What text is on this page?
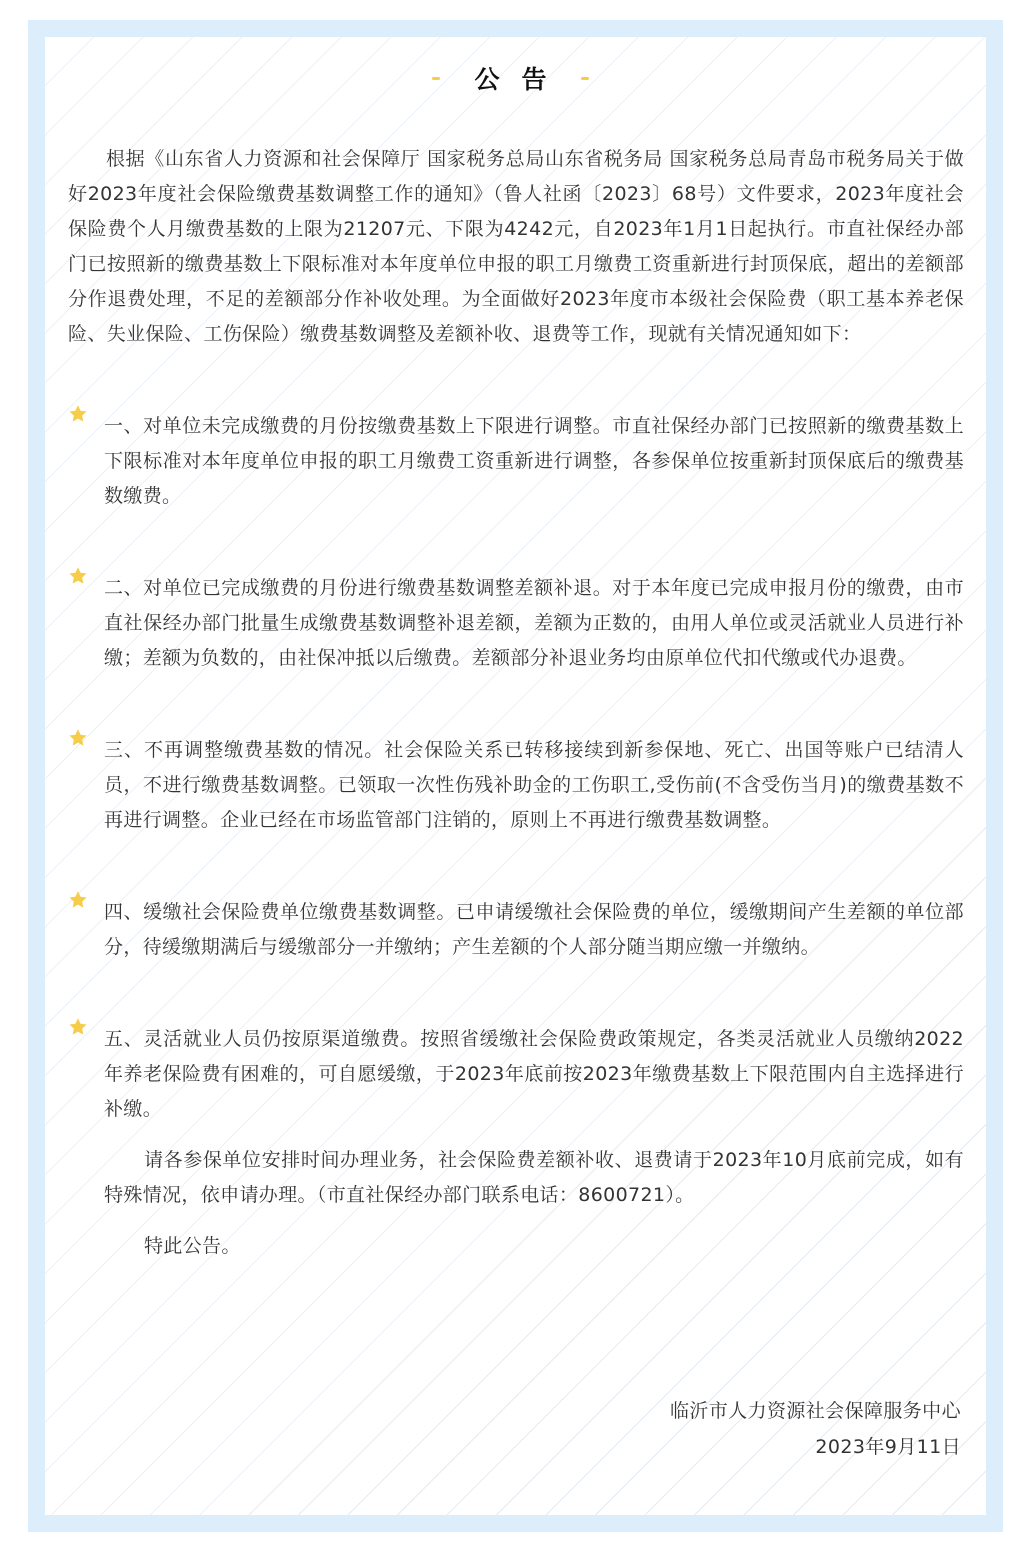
公告

根据《山东省人力资源和社会保障厅 国家税务总局山东省税务局 国家税务总局青岛市税务局关于做好2023年度社会保险缴费基数调整工作的通知》（鲁人社函〔2023〕68号）文件要求，2023年度社会保险费个人月缴费基数的上限为21207元、下限为4242元，自2023年1月1日起执行。市直社保经办部门已按照新的缴费基数上下限标准对本年度单位申报的职工月缴费工资重新进行封顶保底，超出的差额部分作退费处理，不足的差额部分作补收处理。为全面做好2023年度市本级社会保险费（职工基本养老保险、失业保险、工伤保险）缴费基数调整及差额补收、退费等工作，现就有关情况通知如下：

一、对单位未完成缴费的月份按缴费基数上下限进行调整。市直社保经办部门已按照新的缴费基数上下限标准对本年度单位申报的职工月缴费工资重新进行调整，各参保单位按重新封顶保底后的缴费基数缴费。

二、对单位已完成缴费的月份进行缴费基数调整差额补退。对于本年度已完成申报月份的缴费，由市直社保经办部门批量生成缴费基数调整补退差额，差额为正数的，由用人单位或灵活就业人员进行补缴；差额为负数的，由社保冲抵以后缴费。差额部分补退业务均由原单位代扣代缴或代办退费。

三、不再调整缴费基数的情况。社会保险关系已转移接续到新参保地、死亡、出国等账户已结清人员，不进行缴费基数调整。已领取一次性伤残补助金的工伤职工,受伤前(不含受伤当月)的缴费基数不再进行调整。企业已经在市场监管部门注销的，原则上不再进行缴费基数调整。

四、缓缴社会保险费单位缴费基数调整。已申请缓缴社会保险费的单位，缓缴期间产生差额的单位部分，待缓缴期满后与缓缴部分一并缴纳；产生差额的个人部分随当期应缴一并缴纳。

五、灵活就业人员仍按原渠道缴费。按照省缓缴社会保险费政策规定，各类灵活就业人员缴纳2022年养老保险费有困难的，可自愿缓缴，于2023年底前按2023年缴费基数上下限范围内自主选择进行补缴。

请各参保单位安排时间办理业务，社会保险费差额补收、退费请于2023年10月底前完成，如有特殊情况，依申请办理。（市直社保经办部门联系电话：8600721）。

特此公告。

临沂市人力资源社会保障服务中心
2023年9月11日
